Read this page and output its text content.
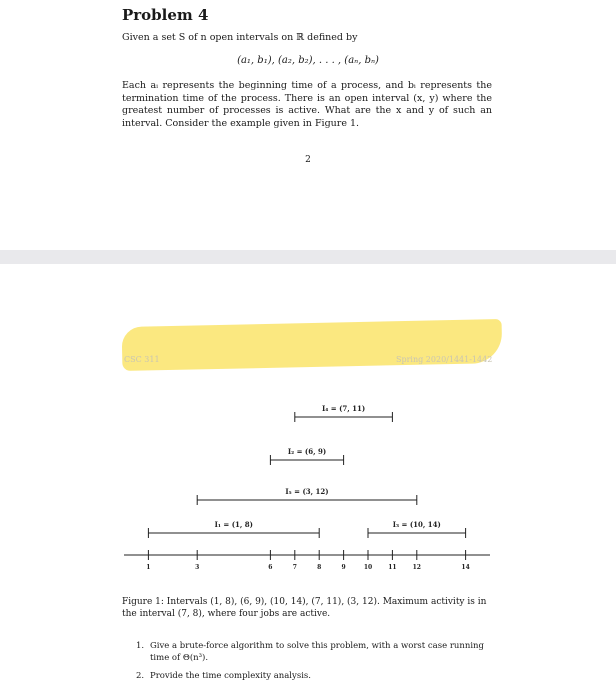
Problem 4
Given a set S of n open intervals on ℝ defined by
(a₁, b₁), (a₂, b₂), . . . , (aₙ, bₙ)
Each aᵢ represents the beginning time of a process, and bᵢ represents the termination time of the process. There is an open interval (x, y) where the greatest number of processes is active. What are the x and y of such an interval. Consider the example given in Figure 1.
2
CSC 311	Spring 2020/1441-1442
I₄ = (7, 11)
I₂ = (6, 9)
I₅ = (3, 12)
I₁ = (1, 8)	I₃ = (10, 14)
1	3	6	7	8	9	10	11	12	14
Figure 1: Intervals (1, 8), (6, 9), (10, 14), (7, 11), (3, 12). Maximum activity is in the interval (7, 8), where four jobs are active.
1. Give a brute-force algorithm to solve this problem, with a worst case running time of Θ(n³).
2. Provide the time complexity analysis.
